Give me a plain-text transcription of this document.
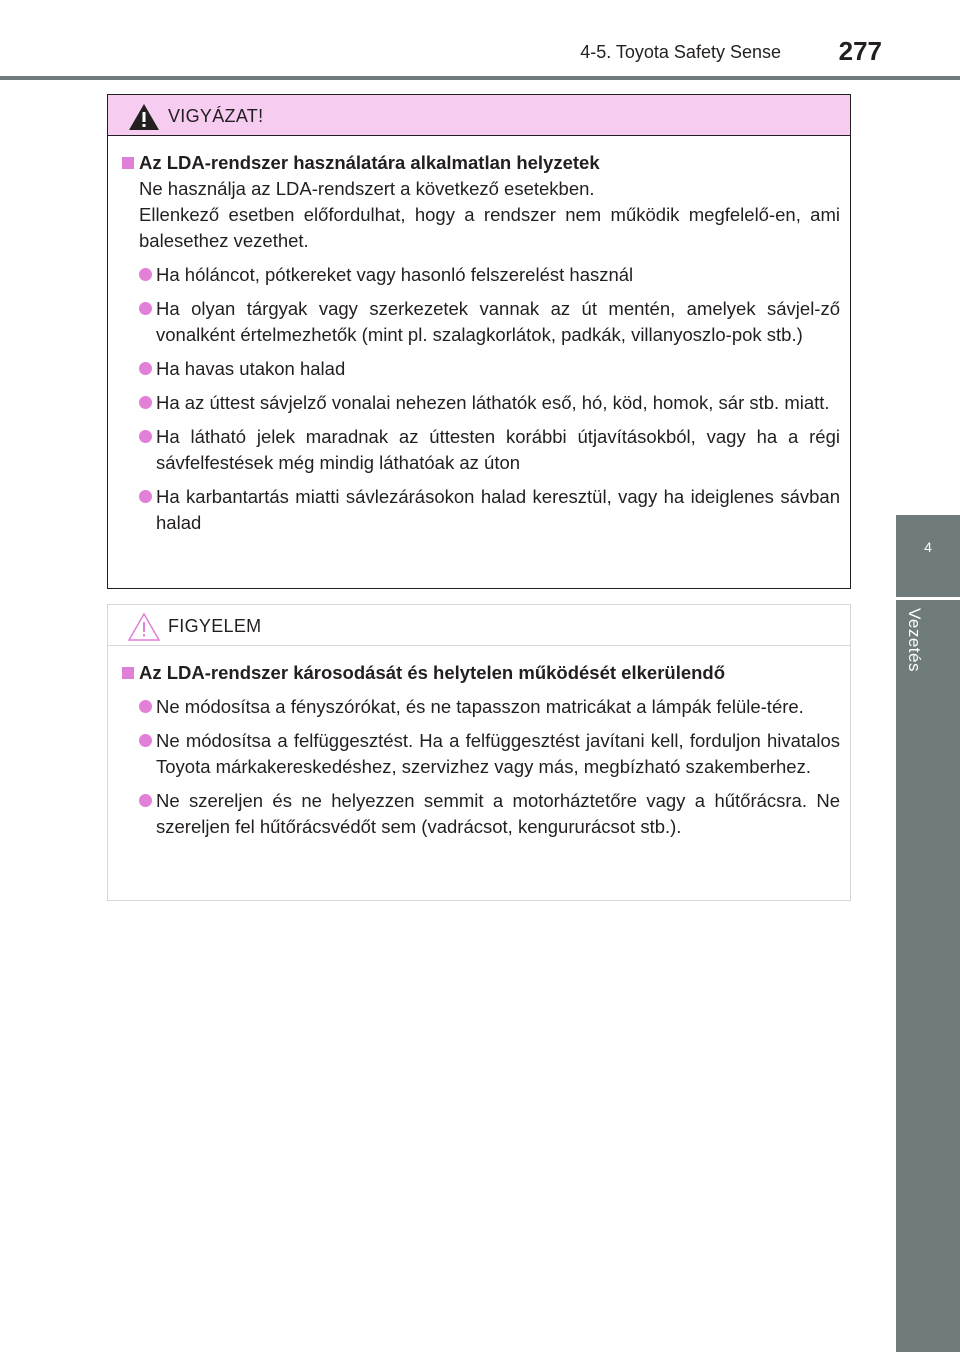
4-5. Toyota Safety Sense 277
4
Vezetés
VIGYÁZAT!
Az LDA-rendszer használatára alkalmatlan helyzetek
Ne használja az LDA-rendszert a következő esetekben.
Ellenkező esetben előfordulhat, hogy a rendszer nem működik megfelelő-en, ami balesethez vezethet.
Ha hóláncot, pótkereket vagy hasonló felszerelést használ
Ha olyan tárgyak vagy szerkezetek vannak az út mentén, amelyek sávjel-ző vonalként értelmezhetők (mint pl. szalagkorlátok, padkák, villanyoszlo-pok stb.)
Ha havas utakon halad
Ha az úttest sávjelző vonalai nehezen láthatók eső, hó, köd, homok, sár stb. miatt.
Ha látható jelek maradnak az úttesten korábbi útjavításokból, vagy ha a régi sávfelfestések még mindig láthatóak az úton
Ha karbantartás miatti sávlezárásokon halad keresztül, vagy ha ideiglenes sávban halad
FIGYELEM
Az LDA-rendszer károsodását és helytelen működését elkerülendő
Ne módosítsa a fényszórókat, és ne tapasszon matricákat a lámpák felüle-tére.
Ne módosítsa a felfüggesztést. Ha a felfüggesztést javítani kell, forduljon hivatalos Toyota márkakereskedéshez, szervizhez vagy más, megbízható szakemberhez.
Ne szereljen és ne helyezzen semmit a motorháztetőre vagy a hűtőrácsra. Ne szereljen fel hűtőrácsvédőt sem (vadrácsot, kengururácsot stb.).
